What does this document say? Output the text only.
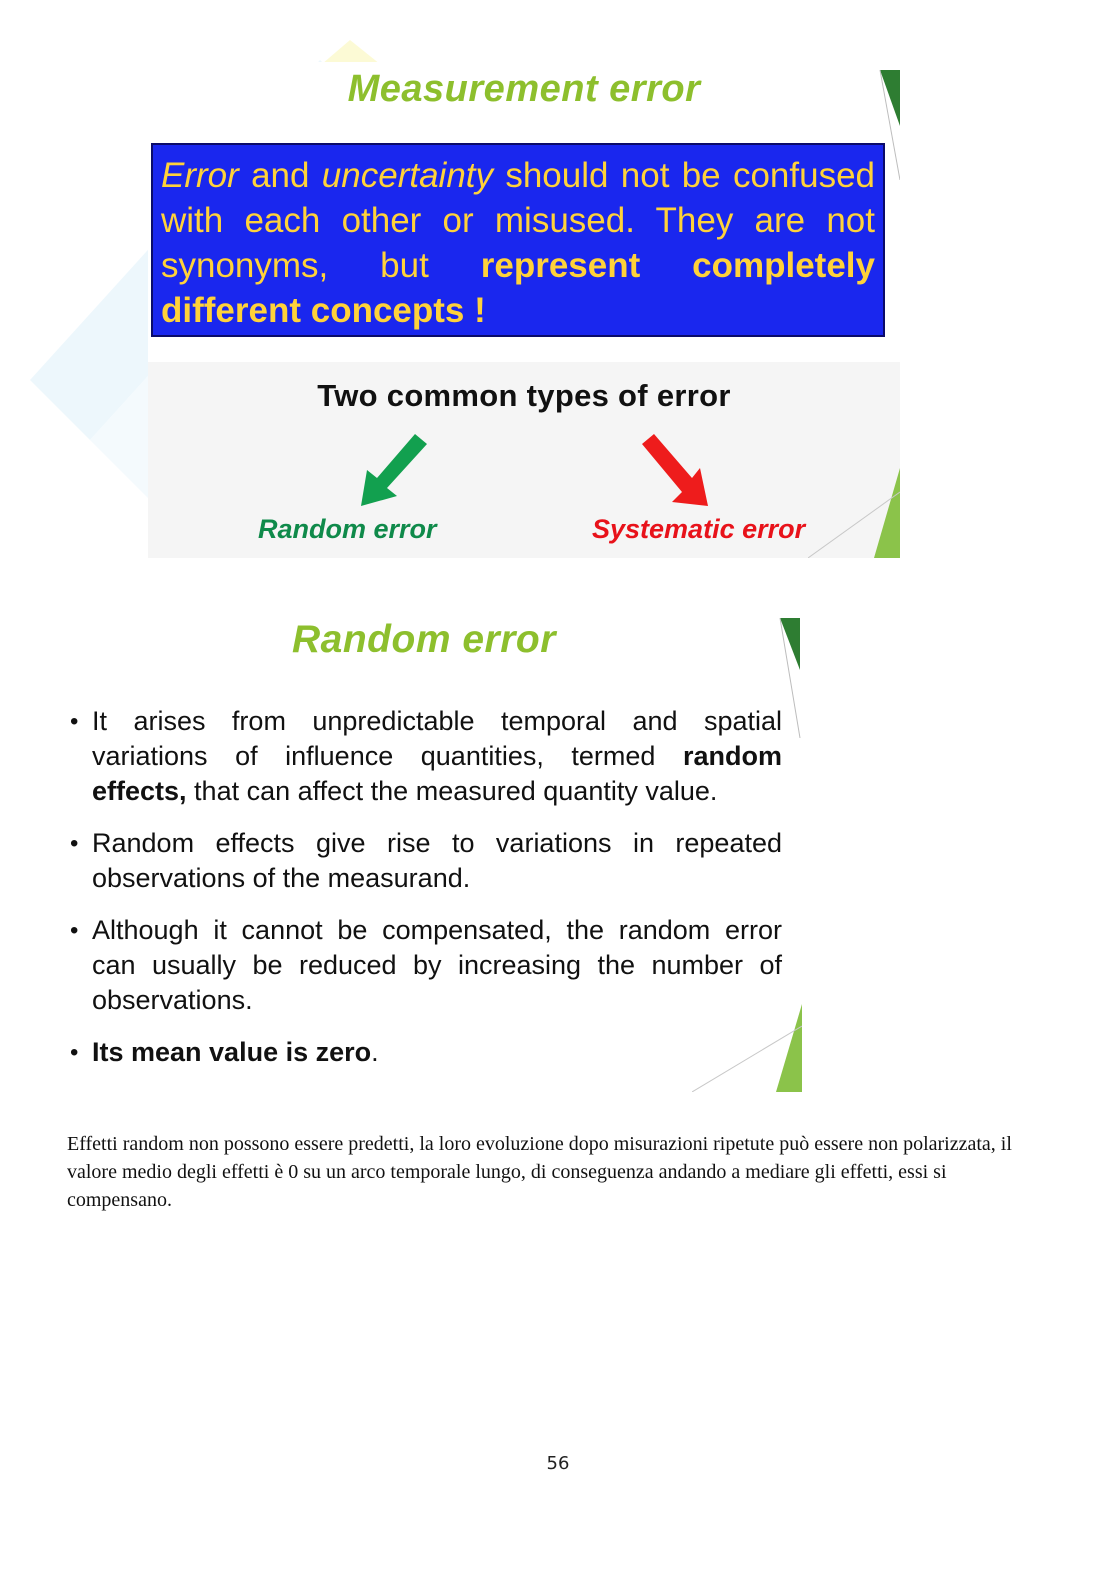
Measurement error
Error and uncertainty should not be confused with each other or misused. They are not synonyms, but represent completely different concepts !
Two common types of error
Random error	Systematic error
Random error
• It arises from unpredictable temporal and spatial variations of influence quantities, termed random effects, that can affect the measured quantity value.
• Random effects give rise to variations in repeated observations of the measurand.
• Although it cannot be compensated, the random error can usually be reduced by increasing the number of observations.
• Its mean value is zero.
Effetti random non possono essere predetti, la loro evoluzione dopo misurazioni ripetute può essere non polarizzata, il valore medio degli effetti è 0 su un arco temporale lungo, di conseguenza andando a mediare gli effetti, essi si compensano.
56
